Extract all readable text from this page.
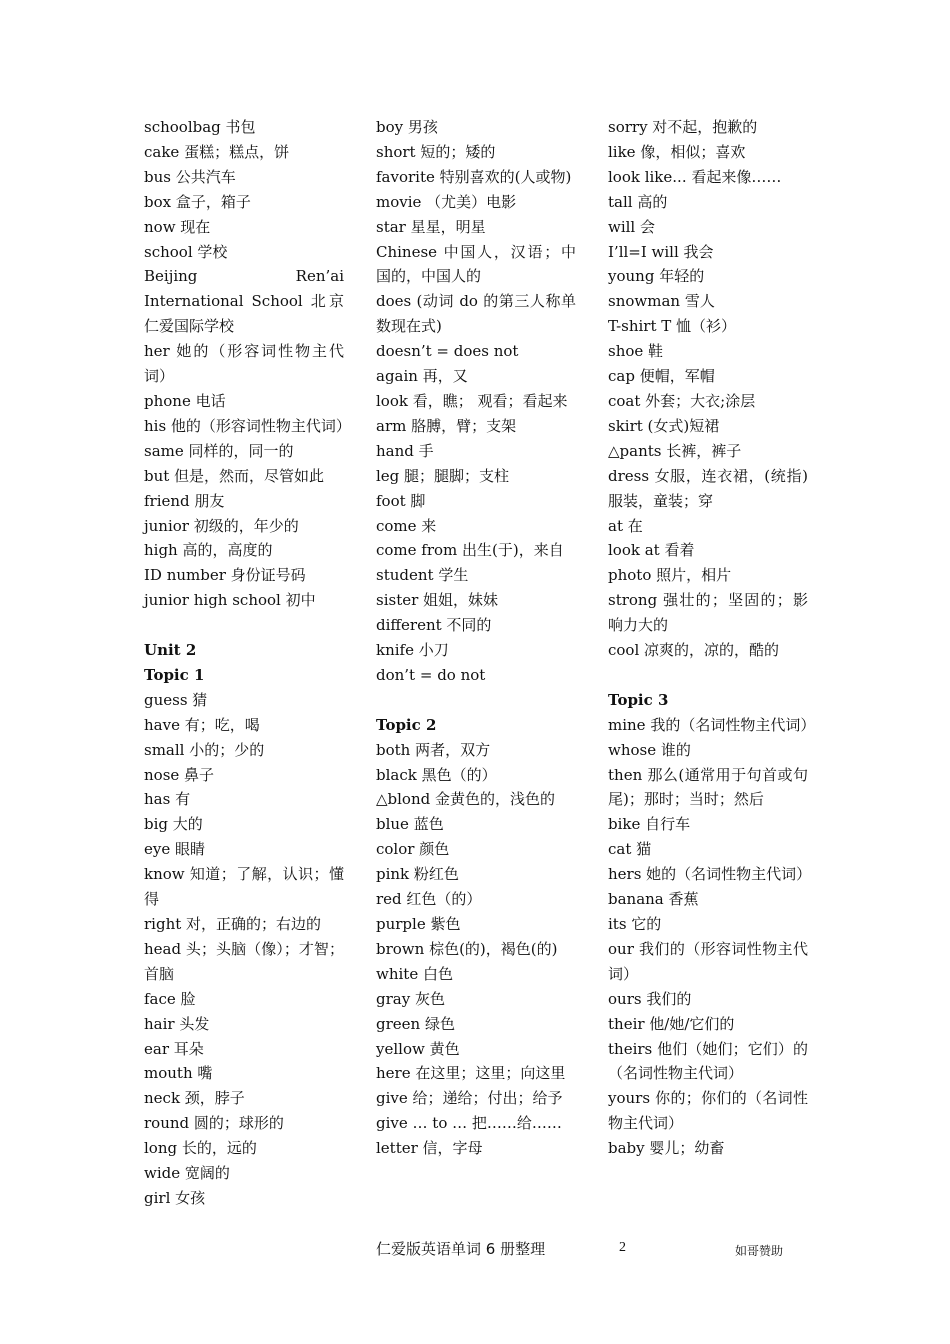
schoolbag 书包
cake 蛋糕；糕点，饼
bus 公共汽车
box 盒子，箱子
now 现在
school 学校
Beijing Ren’ai International School 北京仁爱国际学校
her 她的（形容词性物主代词）
phone 电话
his 他的（形容词性物主代词）
same 同样的，同一的
but 但是，然而，尽管如此
friend 朋友
junior 初级的，年少的
high 高的，高度的
ID number 身份证号码
junior high school 初中
Unit 2
Topic 1
guess 猜
have 有；吃，喝
small 小的；少的
nose 鼻子
has 有
big 大的
eye 眼睛
know 知道；了解，认识；懂得
right 对，正确的；右边的
head 头；头脑（像）；才智；首脑
face 脸
hair 头发
ear 耳朵
mouth 嘴
neck 颈，脖子
round 圆的；球形的
long 长的，远的
wide 宽阔的
girl 女孩
boy 男孩
short 短的；矮的
favorite 特别喜欢的(人或物)
movie （尤美）电影
star 星星，明星
Chinese 中国人，汉语；中国的，中国人的
does (动词 do 的第三人称单数现在式)
doesn’t = does not
again 再，又
look 看，瞧； 观看；看起来
arm 胳膊，臂；支架
hand 手
leg 腿；腿脚；支柱
foot 脚
come 来
come from 出生(于)，来自
student 学生
sister 姐姐，妹妹
different 不同的
knife 小刀
don’t = do not
Topic 2
both 两者，双方
black 黑色（的）
△blond 金黄色的，浅色的
blue 蓝色
color 颜色
pink 粉红色
red 红色（的）
purple 紫色
brown 棕色(的)，褐色(的)
white 白色
gray 灰色
green 绿色
yellow 黄色
here 在这里；这里；向这里
give 给；递给；付出；给予
give … to … 把……给……
letter 信，字母
sorry 对不起，抱歉的
like 像，相似；喜欢
look like... 看起来像……
tall 高的
will 会
I’ll=I will 我会
young 年轻的
snowman 雪人
T-shirt T 恤（衫）
shoe 鞋
cap 便帽，军帽
coat 外套；大衣;涂层
skirt (女式)短裙
△pants 长裤，裤子
dress 女服，连衣裙，(统指) 服装，童装；穿
at 在
look at 看着
photo 照片，相片
strong 强壮的；坚固的；影响力大的
cool 凉爽的，凉的，酷的
Topic 3
mine 我的（名词性物主代词）
whose 谁的
then 那么(通常用于句首或句尾)；那时；当时；然后
bike 自行车
cat 猫
hers 她的（名词性物主代词）
banana 香蕉
its 它的
our 我们的（形容词性物主代词）
ours 我们的
their 他/她/它们的
theirs 他们（她们；它们）的（名词性物主代词）
yours 你的；你们的（名词性物主代词）
baby 婴儿；幼畜
仁爱版英语单词 6 册整理	2	如哥赞助
